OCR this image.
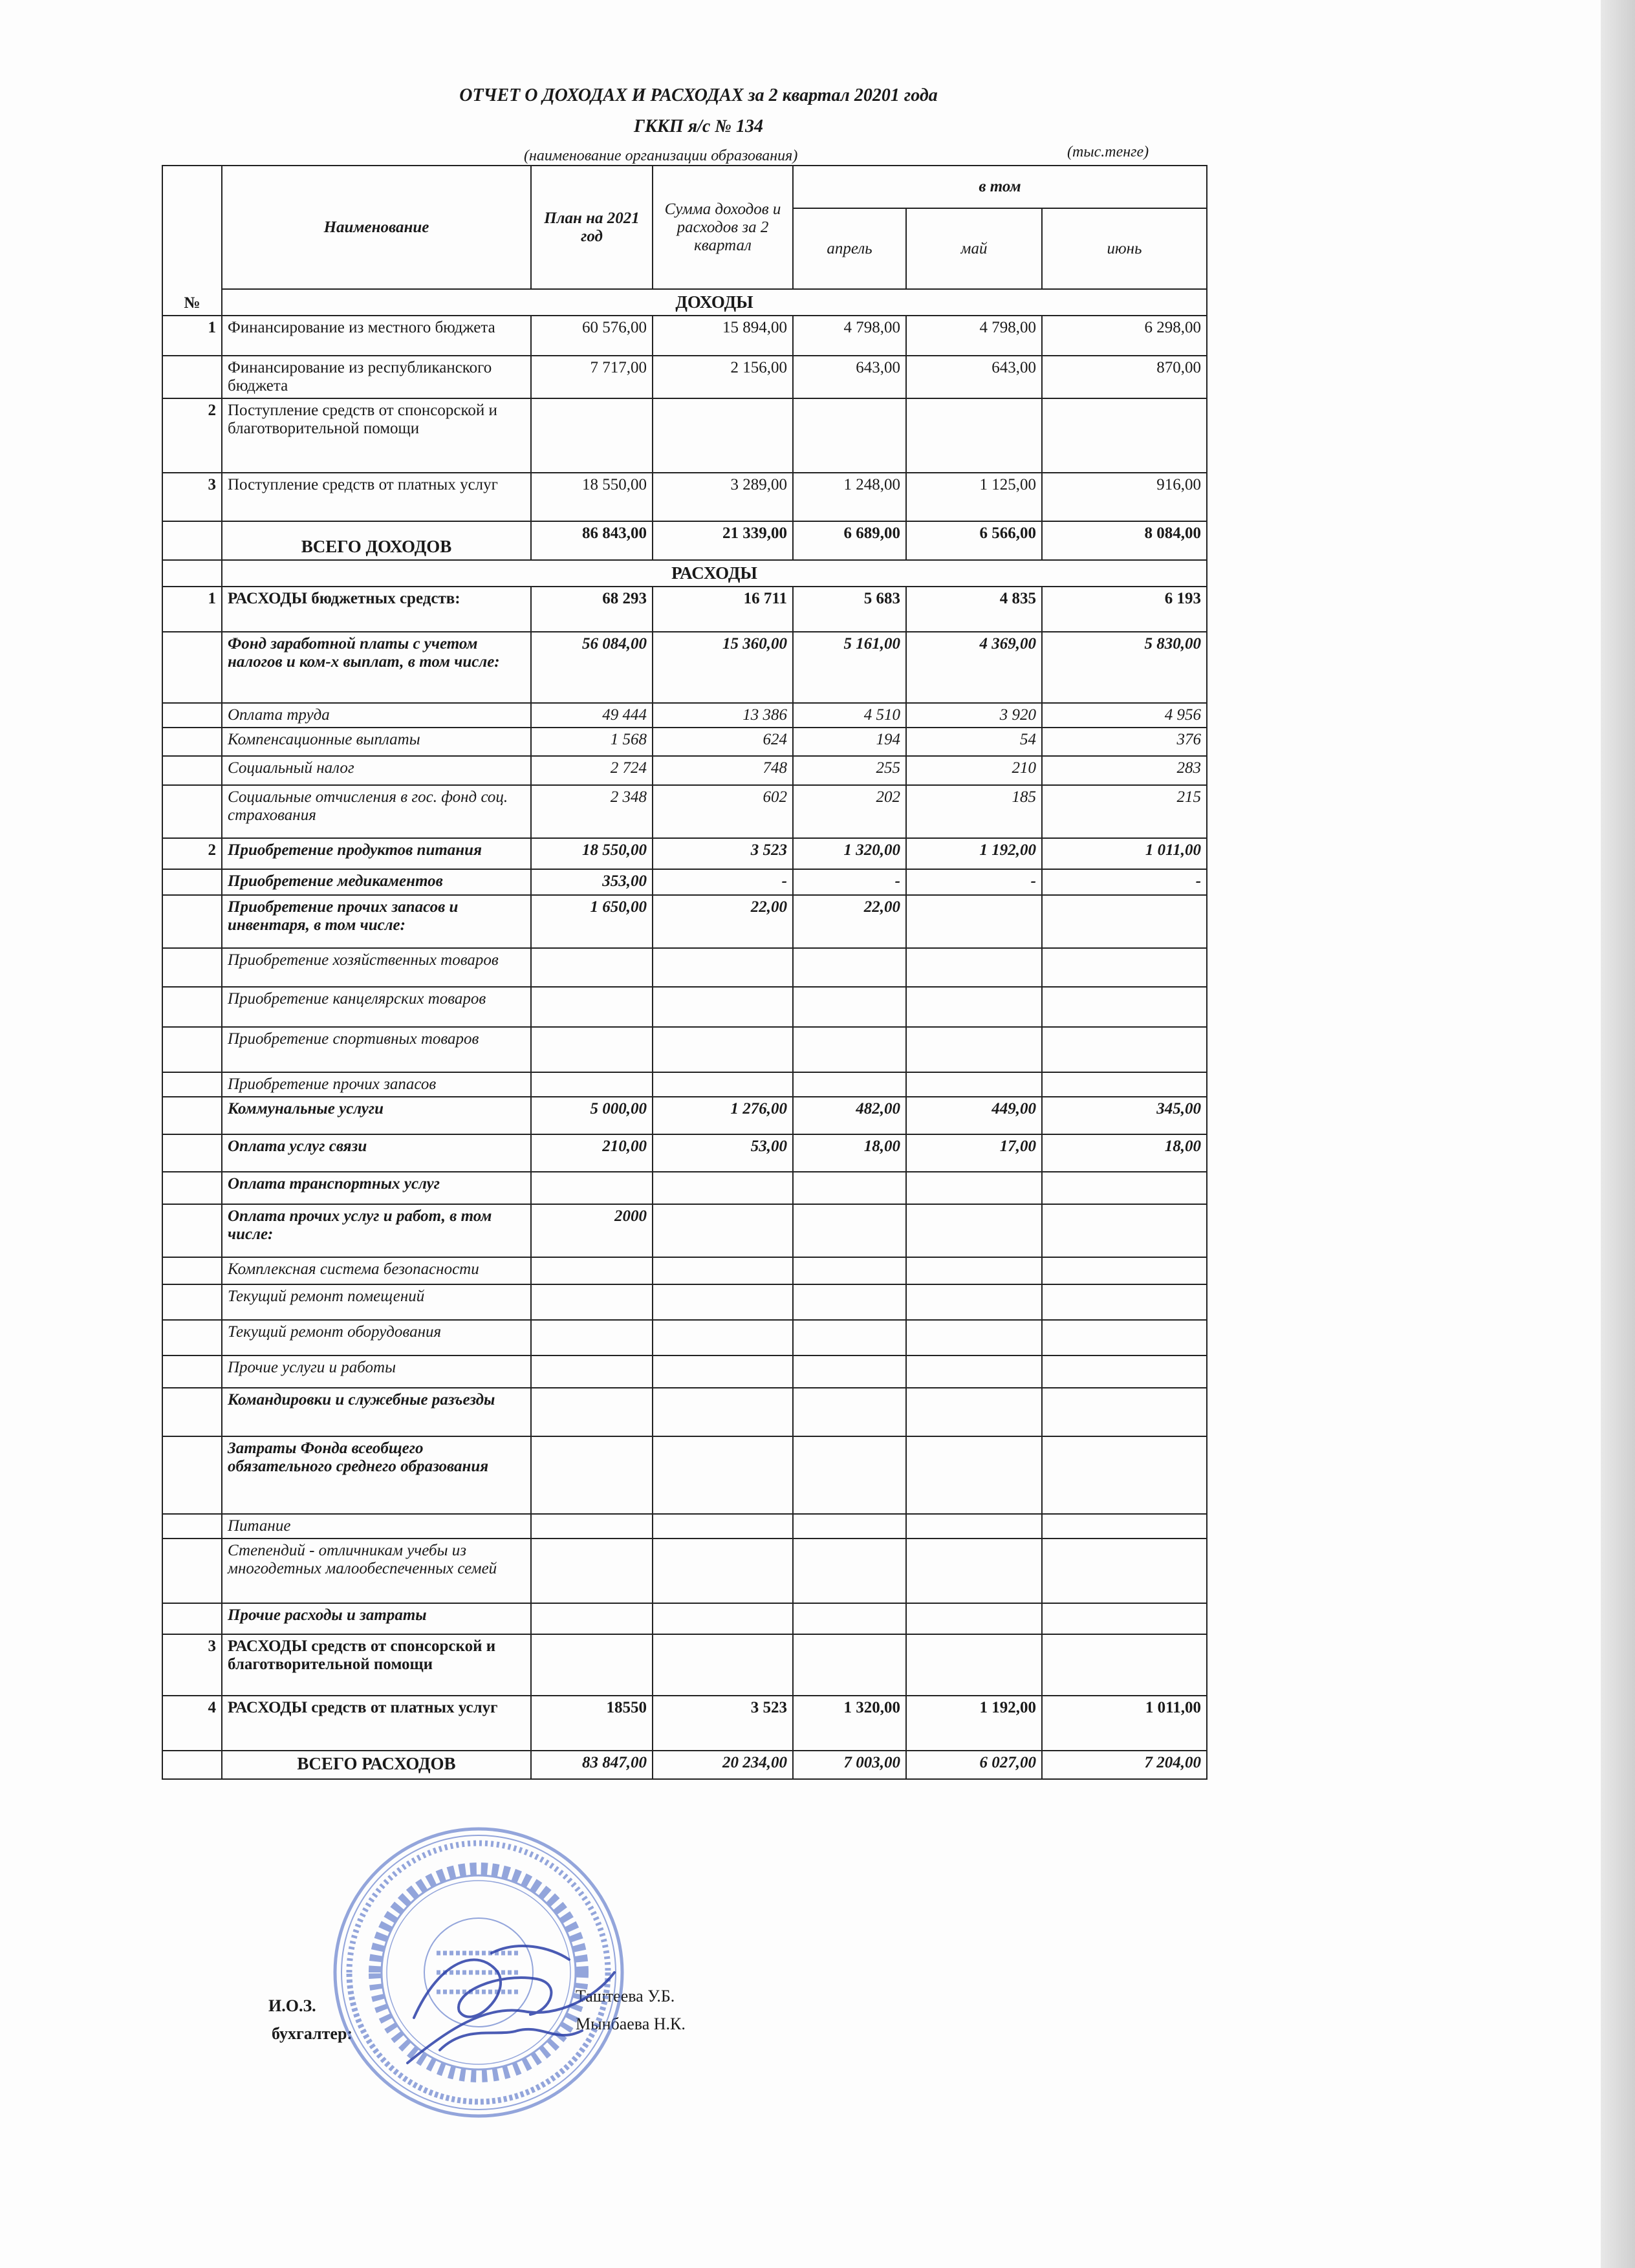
ОТЧЕТ О ДОХОДАХ И РАСХОДАХ за 2 квартал 20201 года
ГККП я/с № 134
(наименование организации образования)	(тыс.тенге)
№	Наименование	План на 2021 год	Сумма доходов и расходов за 2 квартал	в том		
				апрель	май	июнь
	ДОХОДЫ					
1	Финансирование из местного бюджета	60 576,00	15 894,00	4 798,00	4 798,00	6 298,00
	Финансирование из республиканского бюджета	7 717,00	2 156,00	643,00	643,00	870,00
2	Поступление средств от спонсорской и благотворительной помощи					
3	Поступление средств от платных услуг	18 550,00	3 289,00	1 248,00	1 125,00	916,00
	ВСЕГО ДОХОДОВ	86 843,00	21 339,00	6 689,00	6 566,00	8 084,00
	РАСХОДЫ					
1	РАСХОДЫ бюджетных средств:	68 293	16 711	5 683	4 835	6 193
	Фонд заработной платы с учетом налогов и ком-х выплат, в том числе:	56 084,00	15 360,00	5 161,00	4 369,00	5 830,00
	Оплата труда	49 444	13 386	4 510	3 920	4 956
	Компенсационные выплаты	1 568	624	194	54	376
	Социальный налог	2 724	748	255	210	283
	Социальные отчисления в гос. фонд соц. страхования	2 348	602	202	185	215
2	Приобретение продуктов питания	18 550,00	3 523	1 320,00	1 192,00	1 011,00
	Приобретение медикаментов	353,00	-	-	-	-
	Приобретение прочих запасов и инвентаря, в том числе:	1 650,00	22,00	22,00		
	Приобретение хозяйственных товаров					
	Приобретение канцелярских товаров					
	Приобретение спортивных товаров					
	Приобретение прочих запасов					
	Коммунальные услуги	5 000,00	1 276,00	482,00	449,00	345,00
	Оплата услуг связи	210,00	53,00	18,00	17,00	18,00
	Оплата транспортных услуг					
	Оплата прочих услуг и работ, в том числе:	2000				
	Комплексная система безопасности					
	Текущий ремонт помещений					
	Текущий ремонт оборудования					
	Прочие услуги и работы					
	Командировки и служебные разъезды					
	Затраты Фонда всеобщего обязательного среднего образования					
	Питание					
	Степендий - отличникам учебы из многодетных малообеспеченных семей					
	Прочие расходы и затраты					
3	РАСХОДЫ средств от спонсорской и благотворительной помощи					
4	РАСХОДЫ средств от платных услуг	18550	3 523	1 320,00	1 192,00	1 011,00
	ВСЕГО РАСХОДОВ	83 847,00	20 234,00	7 003,00	6 027,00	7 204,00
И.О.З.
Таштеева У.Б.
бухгалтер:
Мынбаева Н.К.
